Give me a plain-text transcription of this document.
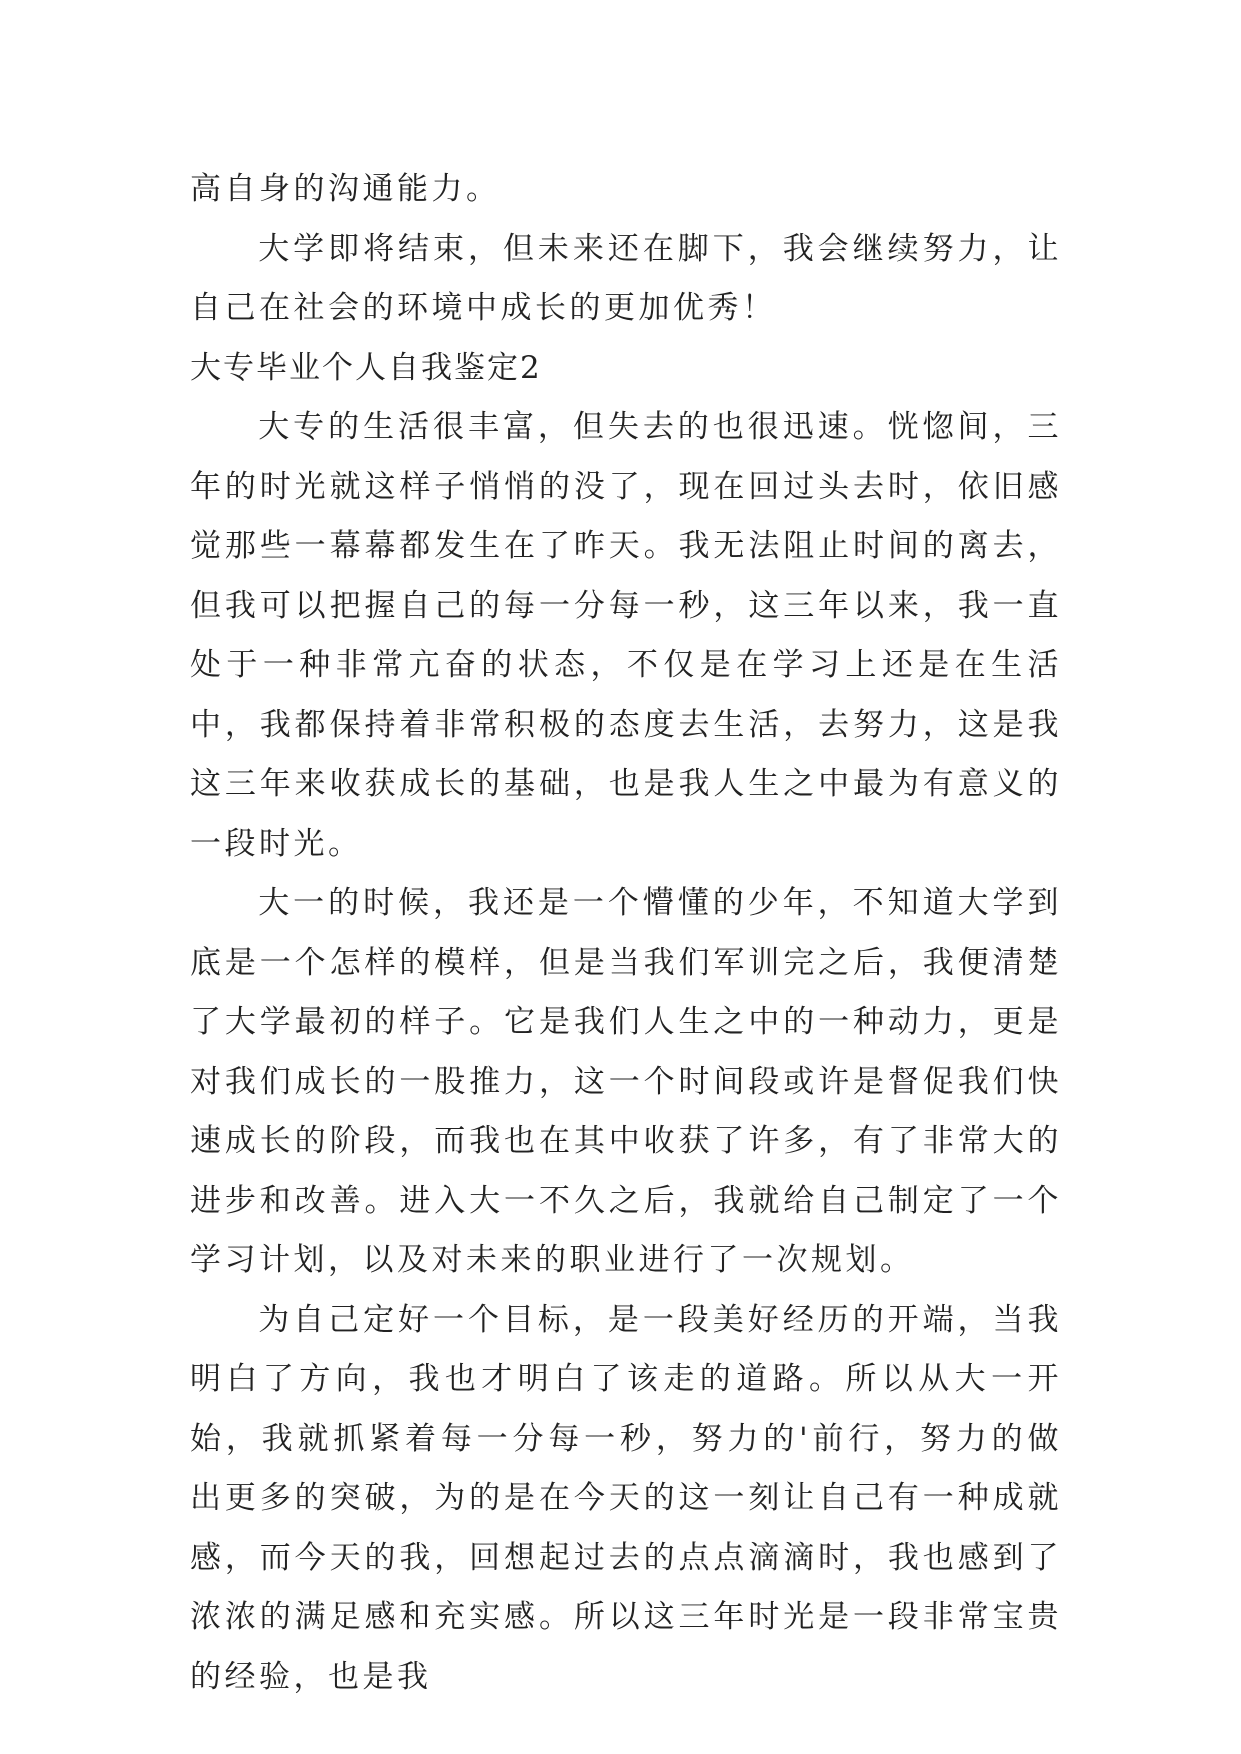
高自身的沟通能力。

大学即将结束，但未来还在脚下，我会继续努力，让自己在社会的环境中成长的更加优秀！

大专毕业个人自我鉴定2

大专的生活很丰富，但失去的也很迅速。恍惚间，三年的时光就这样子悄悄的没了，现在回过头去时，依旧感觉那些一幕幕都发生在了昨天。我无法阻止时间的离去，但我可以把握自己的每一分每一秒，这三年以来，我一直处于一种非常亢奋的状态，不仅是在学习上还是在生活中，我都保持着非常积极的态度去生活，去努力，这是我这三年来收获成长的基础，也是我人生之中最为有意义的一段时光。

大一的时候，我还是一个懵懂的少年，不知道大学到底是一个怎样的模样，但是当我们军训完之后，我便清楚了大学最初的样子。它是我们人生之中的一种动力，更是对我们成长的一股推力，这一个时间段或许是督促我们快速成长的阶段，而我也在其中收获了许多，有了非常大的进步和改善。进入大一不久之后，我就给自己制定了一个学习计划，以及对未来的职业进行了一次规划。

为自己定好一个目标，是一段美好经历的开端，当我明白了方向，我也才明白了该走的道路。所以从大一开始，我就抓紧着每一分每一秒，努力的'前行，努力的做出更多的突破，为的是在今天的这一刻让自己有一种成就感，而今天的我，回想起过去的点点滴滴时，我也感到了浓浓的满足感和充实感。所以这三年时光是一段非常宝贵的经验，也是我
